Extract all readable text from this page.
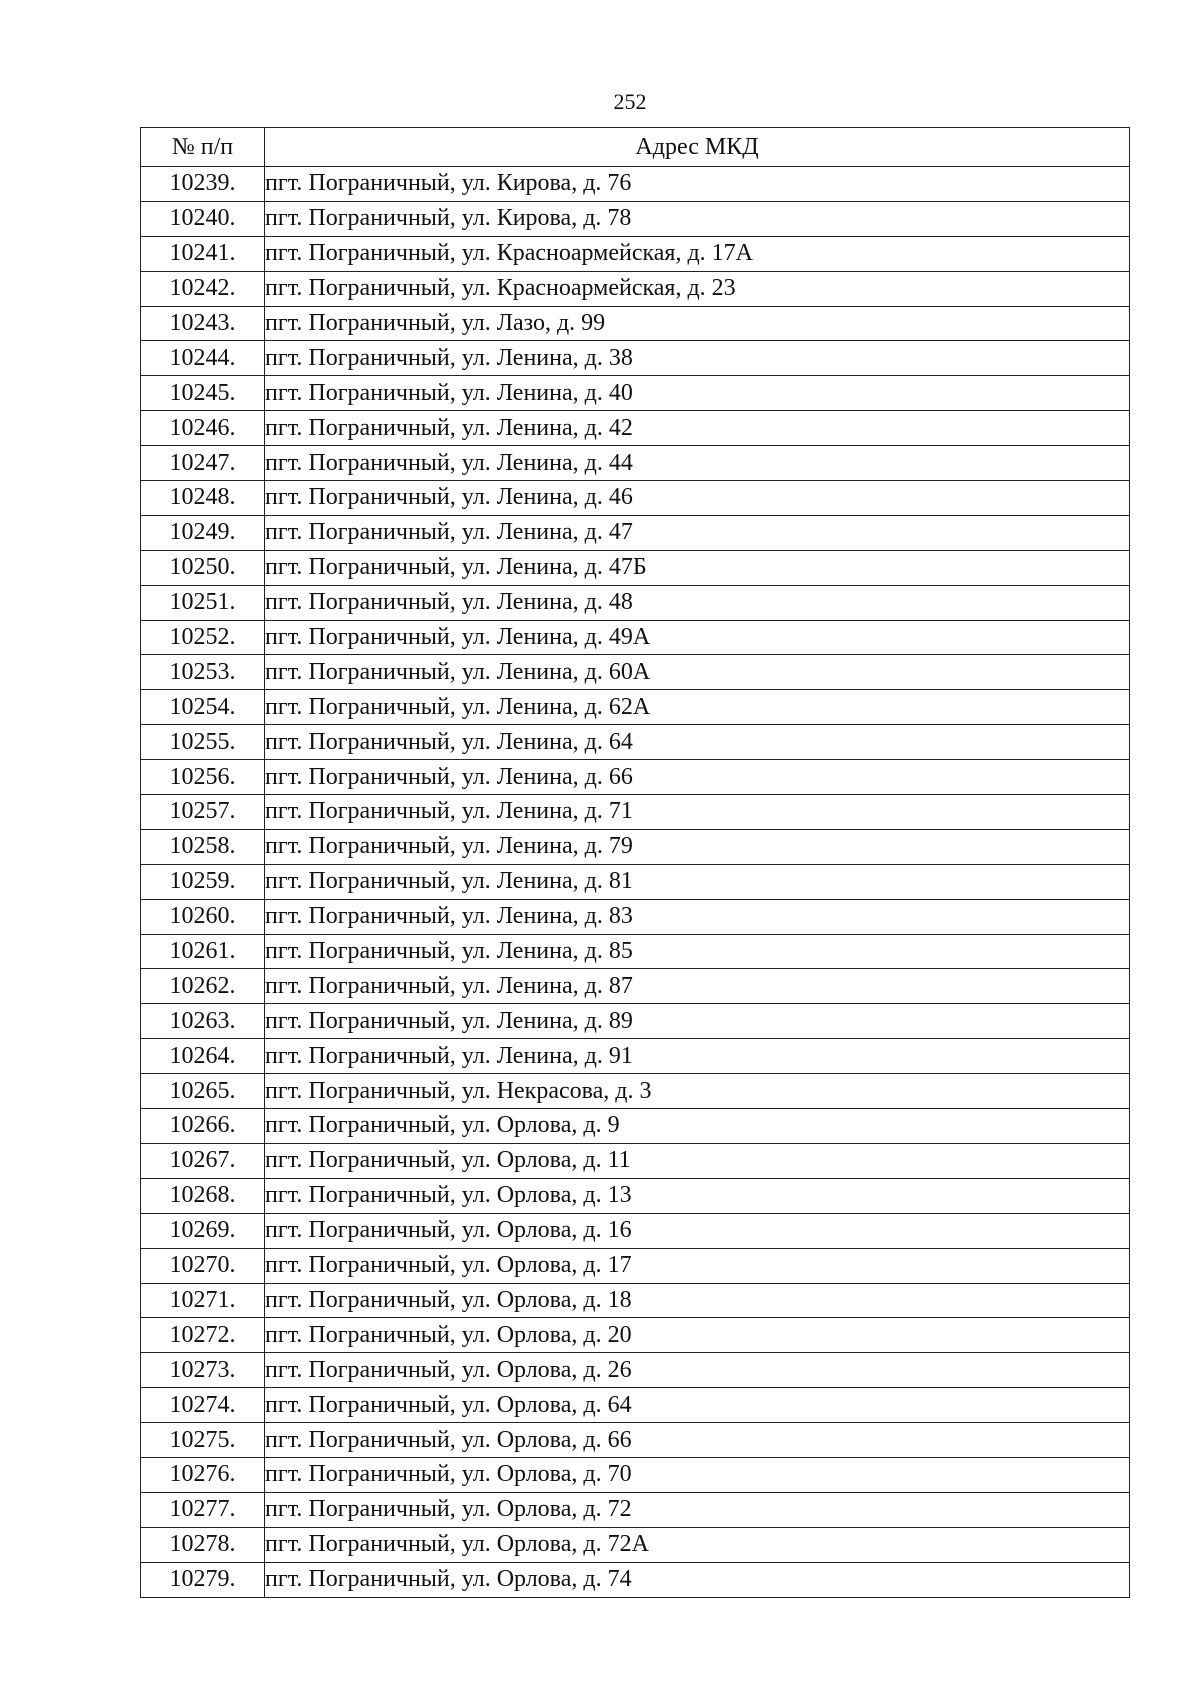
252
№ п/п	Адрес МКД
10239.	пгт. Пограничный, ул. Кирова, д. 76
10240.	пгт. Пограничный, ул. Кирова, д. 78
10241.	пгт. Пограничный, ул. Красноармейская, д. 17А
10242.	пгт. Пограничный, ул. Красноармейская, д. 23
10243.	пгт. Пограничный, ул. Лазо, д. 99
10244.	пгт. Пограничный, ул. Ленина, д. 38
10245.	пгт. Пограничный, ул. Ленина, д. 40
10246.	пгт. Пограничный, ул. Ленина, д. 42
10247.	пгт. Пограничный, ул. Ленина, д. 44
10248.	пгт. Пограничный, ул. Ленина, д. 46
10249.	пгт. Пограничный, ул. Ленина, д. 47
10250.	пгт. Пограничный, ул. Ленина, д. 47Б
10251.	пгт. Пограничный, ул. Ленина, д. 48
10252.	пгт. Пограничный, ул. Ленина, д. 49А
10253.	пгт. Пограничный, ул. Ленина, д. 60А
10254.	пгт. Пограничный, ул. Ленина, д. 62А
10255.	пгт. Пограничный, ул. Ленина, д. 64
10256.	пгт. Пограничный, ул. Ленина, д. 66
10257.	пгт. Пограничный, ул. Ленина, д. 71
10258.	пгт. Пограничный, ул. Ленина, д. 79
10259.	пгт. Пограничный, ул. Ленина, д. 81
10260.	пгт. Пограничный, ул. Ленина, д. 83
10261.	пгт. Пограничный, ул. Ленина, д. 85
10262.	пгт. Пограничный, ул. Ленина, д. 87
10263.	пгт. Пограничный, ул. Ленина, д. 89
10264.	пгт. Пограничный, ул. Ленина, д. 91
10265.	пгт. Пограничный, ул. Некрасова, д. 3
10266.	пгт. Пограничный, ул. Орлова, д. 9
10267.	пгт. Пограничный, ул. Орлова, д. 11
10268.	пгт. Пограничный, ул. Орлова, д. 13
10269.	пгт. Пограничный, ул. Орлова, д. 16
10270.	пгт. Пограничный, ул. Орлова, д. 17
10271.	пгт. Пограничный, ул. Орлова, д. 18
10272.	пгт. Пограничный, ул. Орлова, д. 20
10273.	пгт. Пограничный, ул. Орлова, д. 26
10274.	пгт. Пограничный, ул. Орлова, д. 64
10275.	пгт. Пограничный, ул. Орлова, д. 66
10276.	пгт. Пограничный, ул. Орлова, д. 70
10277.	пгт. Пограничный, ул. Орлова, д. 72
10278.	пгт. Пограничный, ул. Орлова, д. 72А
10279.	пгт. Пограничный, ул. Орлова, д. 74
